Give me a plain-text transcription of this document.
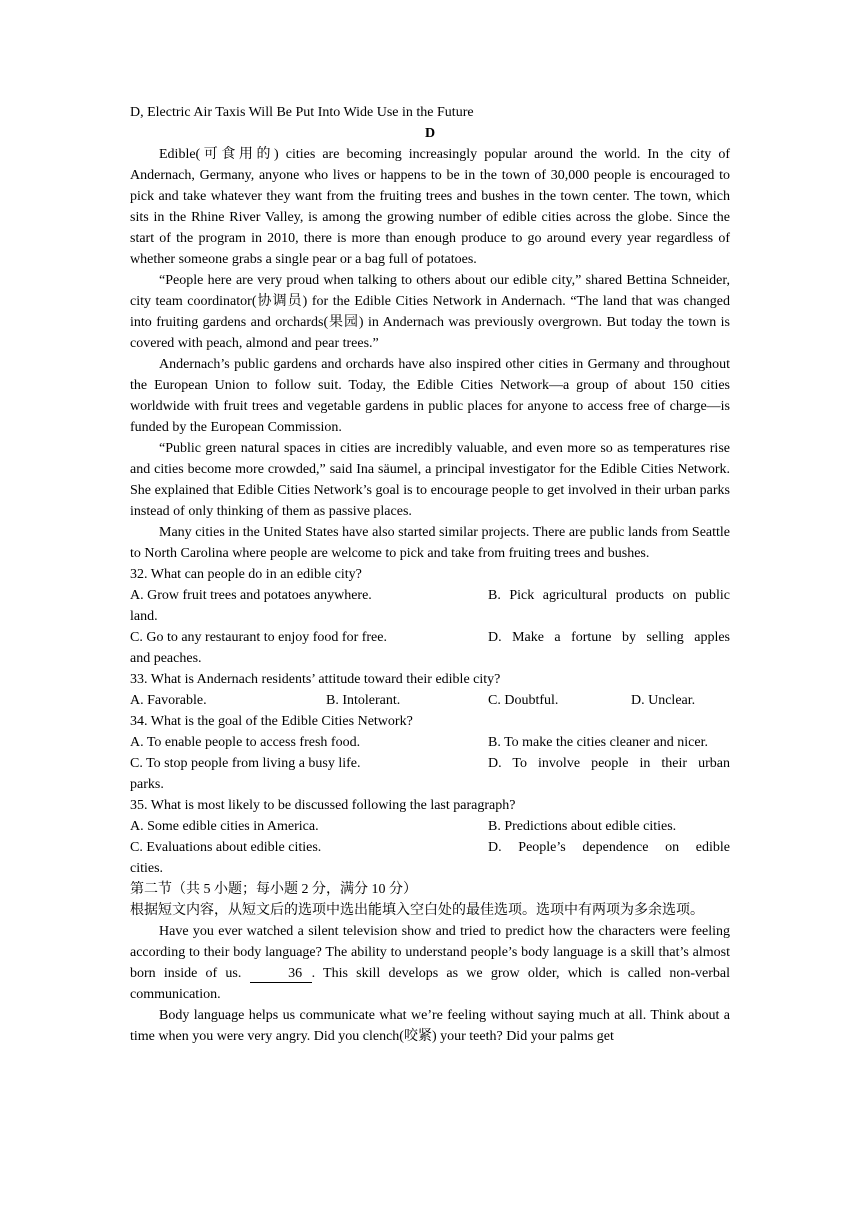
D, Electric Air Taxis Will Be Put Into Wide Use in the Future

D

Edible(可食用的) cities are becoming increasingly popular around the world. In the city of Andernach, Germany, anyone who lives or happens to be in the town of 30,000 people is encouraged to pick and take whatever they want from the fruiting trees and bushes in the town center. The town, which sits in the Rhine River Valley, is among the growing number of edible cities across the globe. Since the start of the program in 2010, there is more than enough produce to go around every year regardless of whether someone grabs a single pear or a bag full of potatoes.

“People here are very proud when talking to others about our edible city,” shared Bettina Schneider, city team coordinator(协调员) for the Edible Cities Network in Andernach. “The land that was changed into fruiting gardens and orchards(果园) in Andernach was previously overgrown. But today the town is covered with peach, almond and pear trees.”

Andernach’s public gardens and orchards have also inspired other cities in Germany and throughout the European Union to follow suit. Today, the Edible Cities Network—a group of about 150 cities worldwide with fruit trees and vegetable gardens in public places for anyone to access free of charge—is funded by the European Commission.

“Public green natural spaces in cities are incredibly valuable, and even more so as temperatures rise and cities become more crowded,” said Ina säumel, a principal investigator for the Edible Cities Network. She explained that Edible Cities Network’s goal is to encourage people to get involved in their urban parks instead of only thinking of them as passive places.

Many cities in the United States have also started similar projects. There are public lands from Seattle to North Carolina where people are welcome to pick and take from fruiting trees and bushes.

32. What can people do in an edible city?

A. Grow fruit trees and potatoes anywhere.	B. Pick agricultural products on public

land.

C. Go to any restaurant to enjoy food for free.	D. Make a fortune by selling apples

and peaches.

33. What is Andernach residents’ attitude toward their edible city?

A. Favorable.	B. Intolerant.	C. Doubtful.	D. Unclear.

34. What is the goal of the Edible Cities Network?

A. To enable people to access fresh food.	B. To make the cities cleaner and nicer.
C. To stop people from living a busy life.	D. To involve people in their urban

parks.

35. What is most likely to be discussed following the last paragraph?

A. Some edible cities in America.	B. Predictions about edible cities.
C. Evaluations about edible cities.	D. People’s dependence on edible

cities.

第二节（共 5 小题；每小题 2 分，满分 10 分）

根据短文内容，从短文后的选项中选出能填入空白处的最佳选项。选项中有两项为多余选项。

Have you ever watched a silent television show and tried to predict how the characters were feeling according to their body language? The ability to understand people’s body language is a skill that’s almost born inside of us.	36 . This skill develops as we grow older, which is called non-verbal communication.

Body language helps us communicate what we’re feeling without saying much at all. Think about a time when you were very angry. Did you clench(咬紧) your teeth? Did your palms get
